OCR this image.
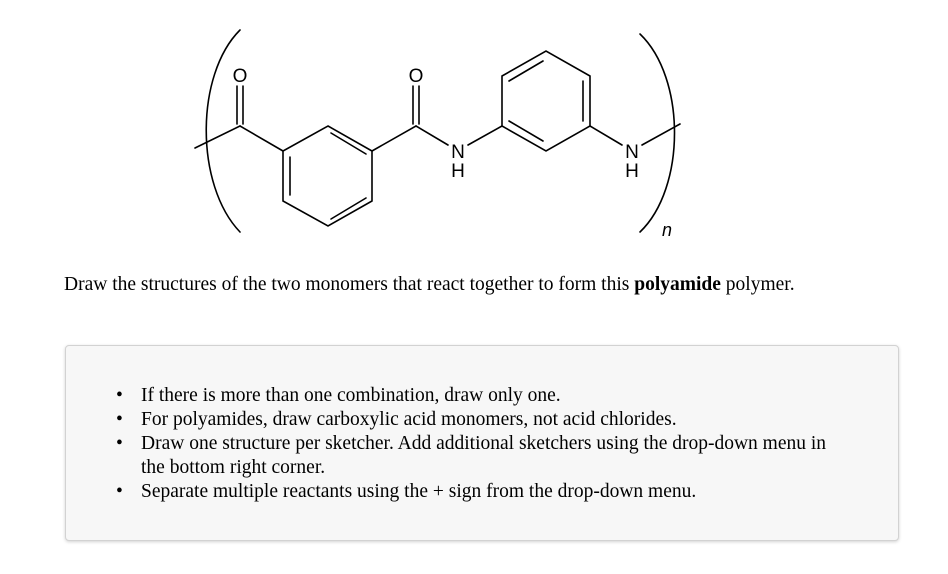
O	O
N
H
N
H
n

Draw the structures of the two monomers that react together to form this polyamide polymer.

• If there is more than one combination, draw only one.
• For polyamides, draw carboxylic acid monomers, not acid chlorides.
• Draw one structure per sketcher. Add additional sketchers using the drop-down menu in the bottom right corner.
• Separate multiple reactants using the + sign from the drop-down menu.
